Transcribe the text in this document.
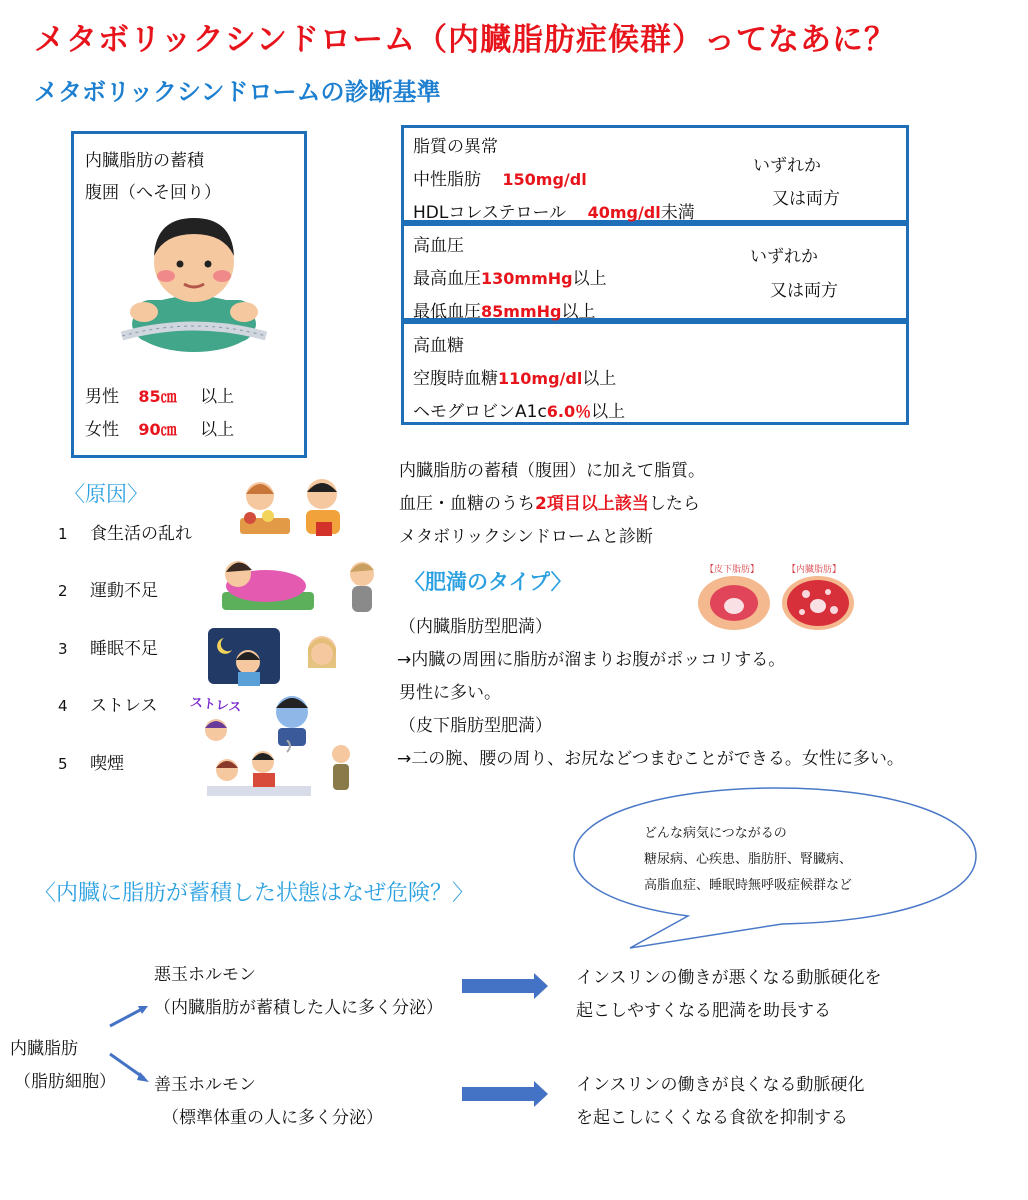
メタボリックシンドローム（内臓脂肪症候群）ってなあに？
メタボリックシンドロームの診断基準
内臓脂肪の蓄積
腹囲（へそ回り）
男性 85㎝ 以上
女性 90㎝ 以上
脂質の異常
中性脂肪 150mg/dl
HDLコレステロール 40mg/dl未満
いずれか
又は両方
高血圧
最高血圧130mmHg以上
最低血圧85mmHg以上
いずれか
又は両方
高血糖
空腹時血糖110mg/dl以上
ヘモグロビンA1c6.0％以上
内臓脂肪の蓄積（腹囲）に加えて脂質。
血圧・血糖のうち2項目以上該当したら
メタボリックシンドロームと診断
〈原因〉
1 食生活の乱れ
2 運動不足
3 睡眠不足
4 ストレス
5 喫煙
ストレス
〈肥満のタイプ〉	【皮下脂肪】	【内臓脂肪】
（内臓脂肪型肥満）
→内臓の周囲に脂肪が溜まりお腹がポッコリする。
男性に多い。
（皮下脂肪型肥満）
→二の腕、腰の周り、お尻などつまむことができる。女性に多い。
〈内臓に脂肪が蓄積した状態はなぜ危険？〉
どんな病気につながるの
糖尿病、心疾患、脂肪肝、腎臓病、
高脂血症、睡眠時無呼吸症候群など
内臓脂肪
（脂肪細胞）
悪玉ホルモン
（内臓脂肪が蓄積した人に多く分泌）
インスリンの働きが悪くなる動脈硬化を
起こしやすくなる肥満を助長する
善玉ホルモン
（標準体重の人に多く分泌）
インスリンの働きが良くなる動脈硬化
を起こしにくくなる食欲を抑制する
